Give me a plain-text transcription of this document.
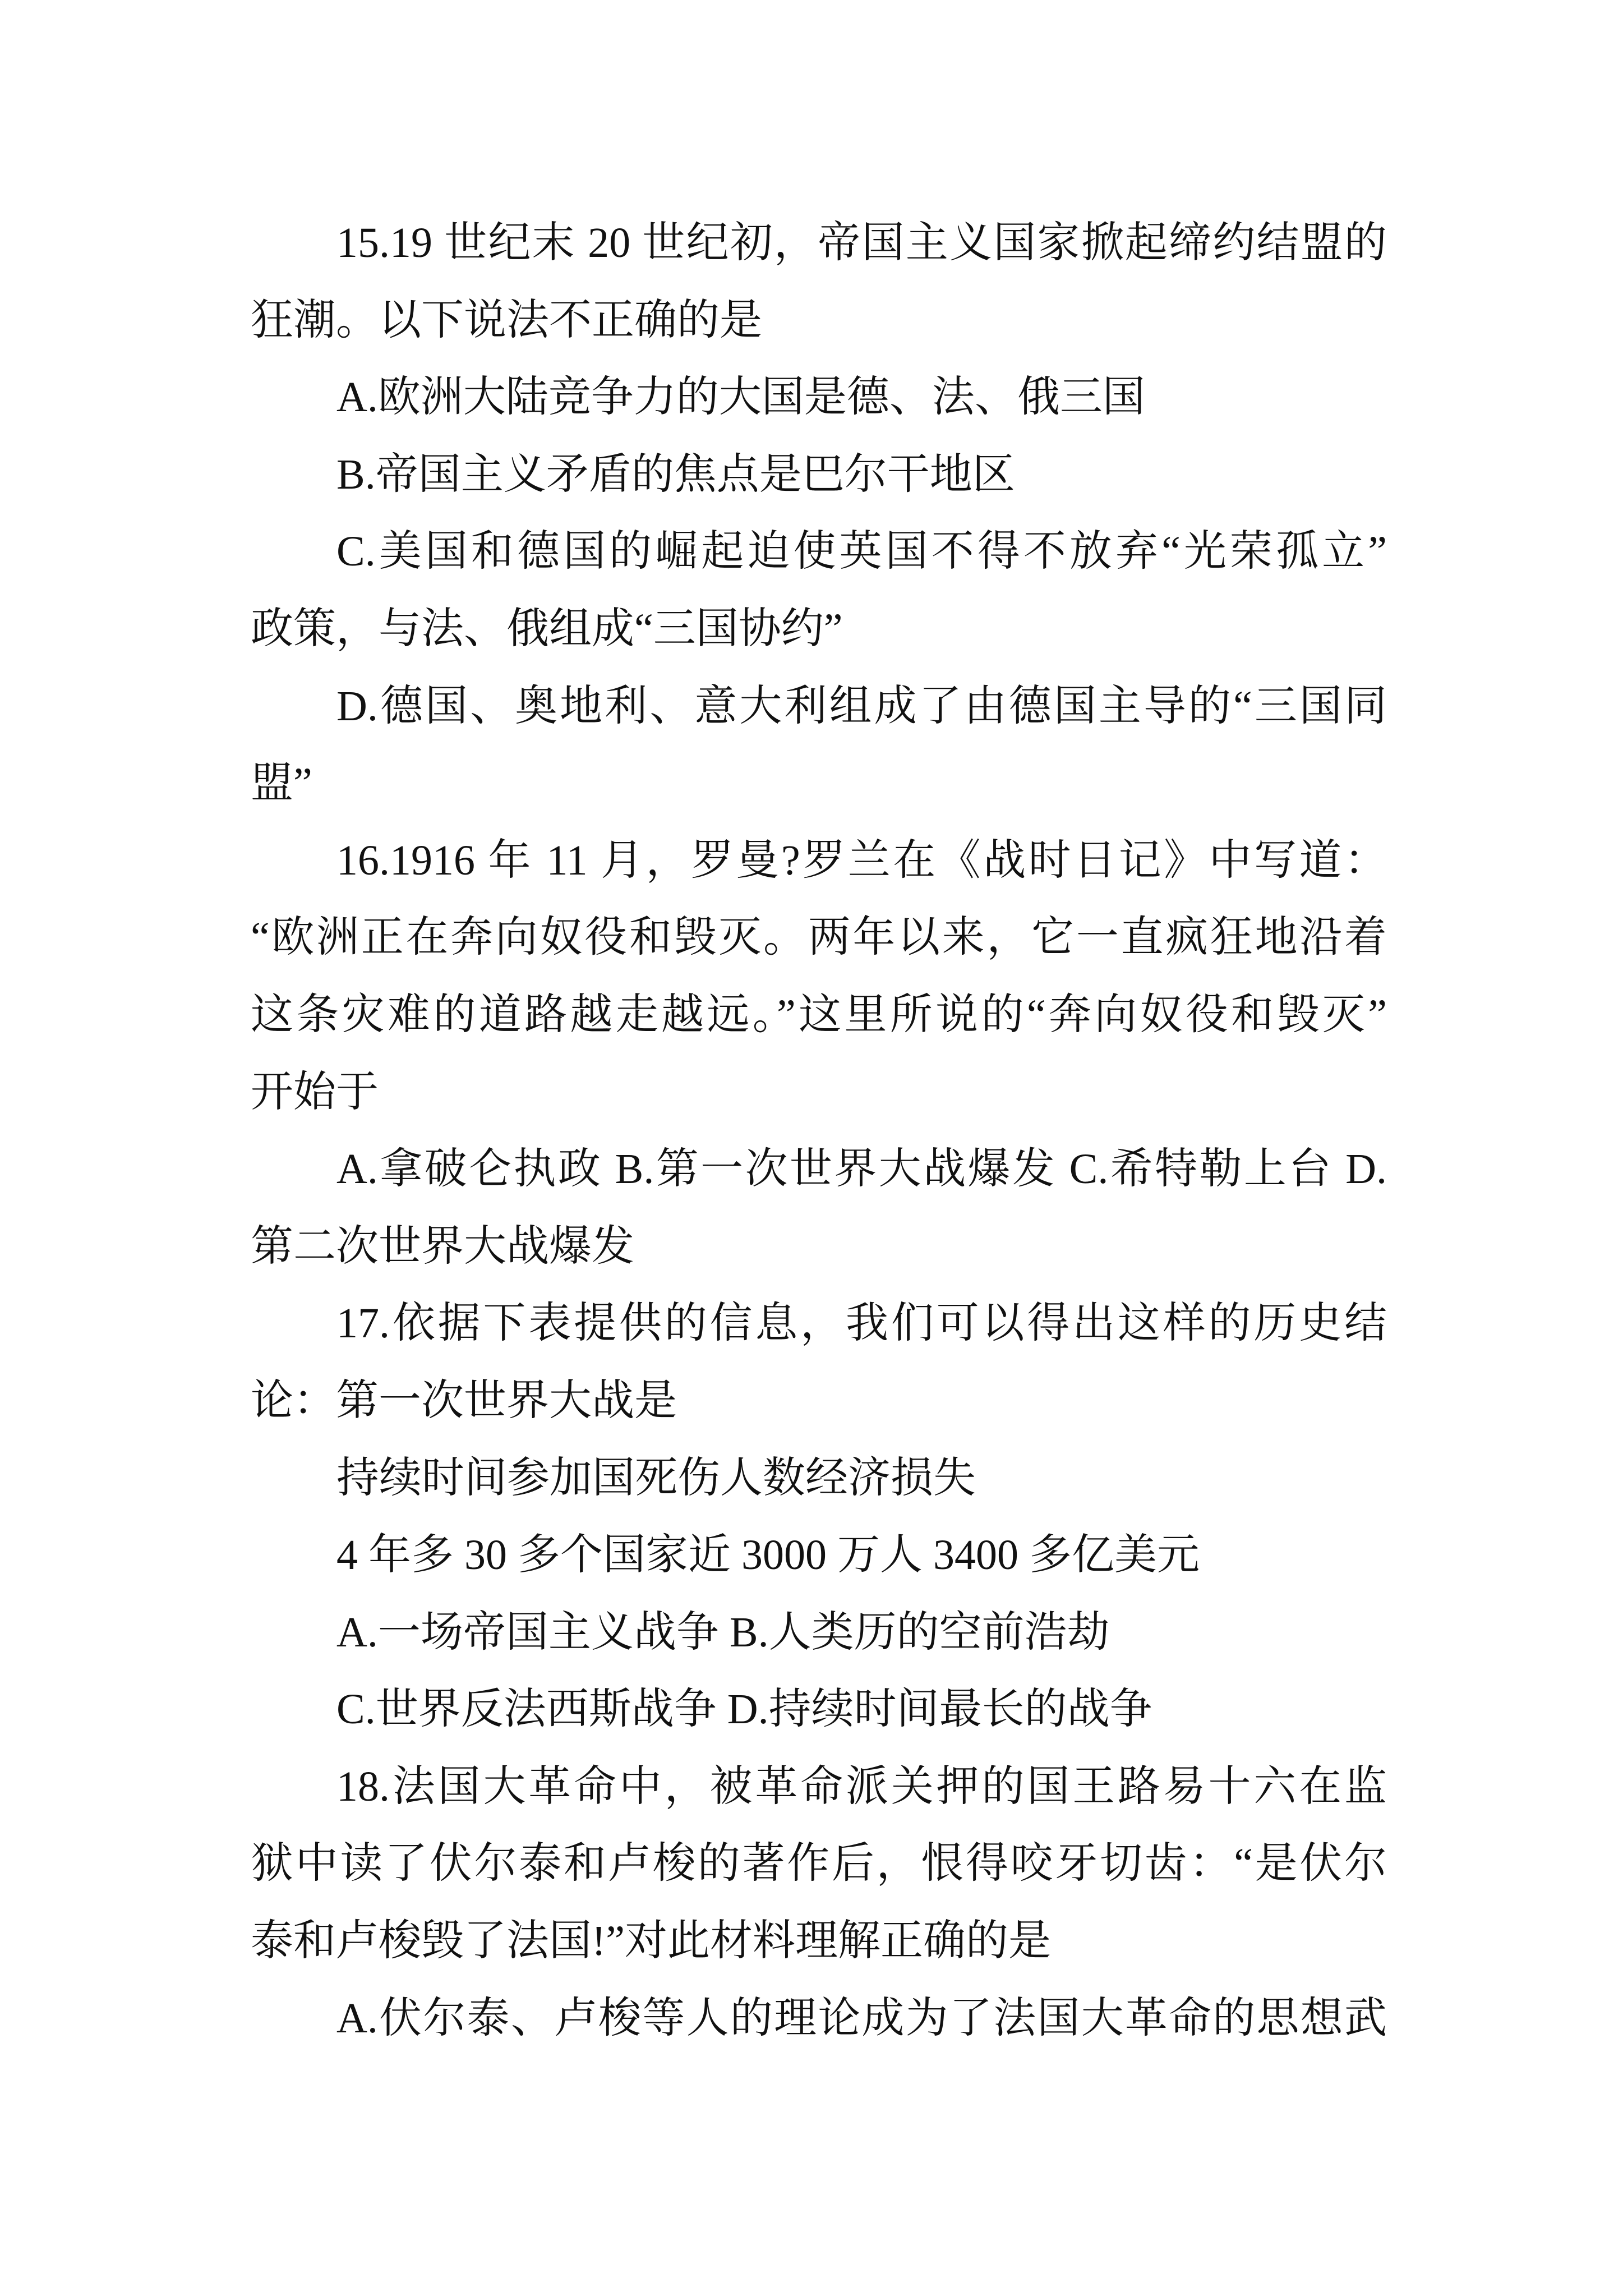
15.19 世纪末 20 世纪初，帝国主义国家掀起缔约结盟的
狂潮。以下说法不正确的是
A.欧洲大陆竞争力的大国是德、法、俄三国
B.帝国主义矛盾的焦点是巴尔干地区
C.美国和德国的崛起迫使英国不得不放弃“光荣孤立”
政策，与法、俄组成“三国协约”
D.德国、奥地利、意大利组成了由德国主导的“三国同
盟”
16.1916 年 11 月，罗曼?罗兰在《战时日记》中写道：
“欧洲正在奔向奴役和毁灭。两年以来，它一直疯狂地沿着
这条灾难的道路越走越远。”这里所说的“奔向奴役和毁灭”
开始于
A.拿破仑执政 B.第一次世界大战爆发 C.希特勒上台 D.
第二次世界大战爆发
17.依据下表提供的信息，我们可以得出这样的历史结
论：第一次世界大战是
持续时间参加国死伤人数经济损失
4 年多 30 多个国家近 3000 万人 3400 多亿美元
A.一场帝国主义战争 B.人类历的空前浩劫
C.世界反法西斯战争 D.持续时间最长的战争
18.法国大革命中，被革命派关押的国王路易十六在监
狱中读了伏尔泰和卢梭的著作后，恨得咬牙切齿：“是伏尔
泰和卢梭毁了法国!”对此材料理解正确的是
A.伏尔泰、卢梭等人的理论成为了法国大革命的思想武
